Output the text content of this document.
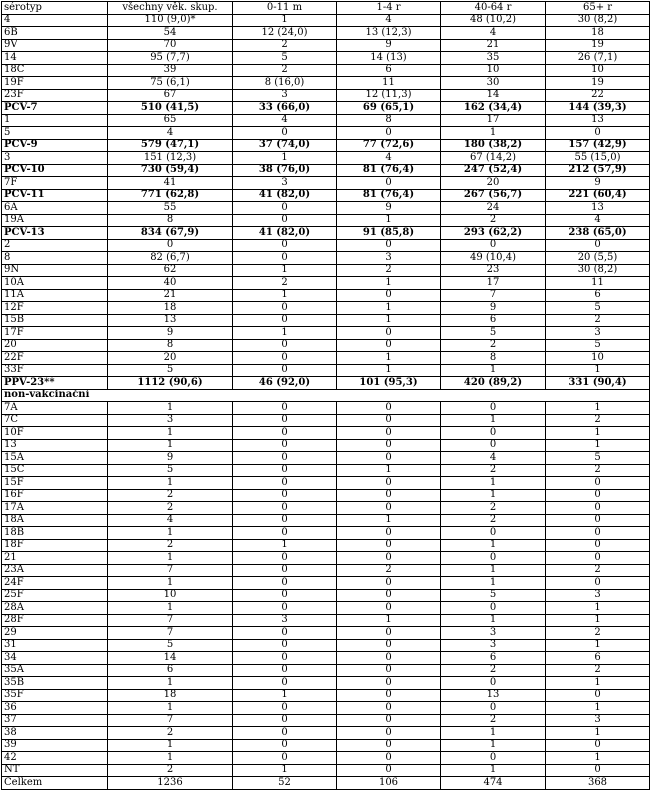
sérotyp	všechny věk. skup.	0-11 m	1-4 r	40-64 r	65+ r
4	110 (9,0)*	1	4	48 (10,2)	30 (8,2)
6B	54	12 (24,0)	13 (12,3)	4	18
9V	70	2	9	21	19
14	95 (7,7)	5	14 (13)	35	26 (7,1)
18C	39	2	6	10	10
19F	75 (6,1)	8 (16,0)	11	30	19
23F	67	3	12 (11,3)	14	22
PCV-7	510 (41,5)	33 (66,0)	69 (65,1)	162 (34,4)	144 (39,3)
1	65	4	8	17	13
5	4	0	0	1	0
PCV-9	579 (47,1)	37 (74,0)	77 (72,6)	180 (38,2)	157 (42,9)
3	151 (12,3)	1	4	67 (14,2)	55 (15,0)
PCV-10	730 (59,4)	38 (76,0)	81 (76,4)	247 (52,4)	212 (57,9)
7F	41	3	0	20	9
PCV-11	771 (62,8)	41 (82,0)	81 (76,4)	267 (56,7)	221 (60,4)
6A	55	0	9	24	13
19A	8	0	1	2	4
PCV-13	834 (67,9)	41 (82,0)	91 (85,8)	293 (62,2)	238 (65,0)
2	0	0	0	0	0
8	82 (6,7)	0	3	49 (10,4)	20 (5,5)
9N	62	1	2	23	30 (8,2)
10A	40	2	1	17	11
11A	21	1	0	7	6
12F	18	0	1	9	5
15B	13	0	1	6	2
17F	9	1	0	5	3
20	8	0	0	2	5
22F	20	0	1	8	10
33F	5	0	1	1	1
PPV-23**	1112 (90,6)	46 (92,0)	101 (95,3)	420 (89,2)	331 (90,4)
non-vakcinační					
7A	1	0	0	0	1
7C	3	0	0	1	2
10F	1	0	0	0	1
13	1	0	0	0	1
15A	9	0	0	4	5
15C	5	0	1	2	2
15F	1	0	0	1	0
16F	2	0	0	1	0
17A	2	0	0	2	0
18A	4	0	1	2	0
18B	1	0	0	0	0
18F	2	1	0	1	0
21	1	0	0	0	0
23A	7	0	2	1	2
24F	1	0	0	1	0
25F	10	0	0	5	3
28A	1	0	0	0	1
28F	7	3	1	1	1
29	7	0	0	3	2
31	5	0	0	3	1
34	14	0	0	6	6
35A	6	0	0	2	2
35B	1	0	0	0	1
35F	18	1	0	13	0
36	1	0	0	0	1
37	7	0	0	2	3
38	2	0	0	1	1
39	1	0	0	1	0
42	1	0	0	0	1
NT	2	1	0	1	0
Celkem	1236	52	106	474	368
